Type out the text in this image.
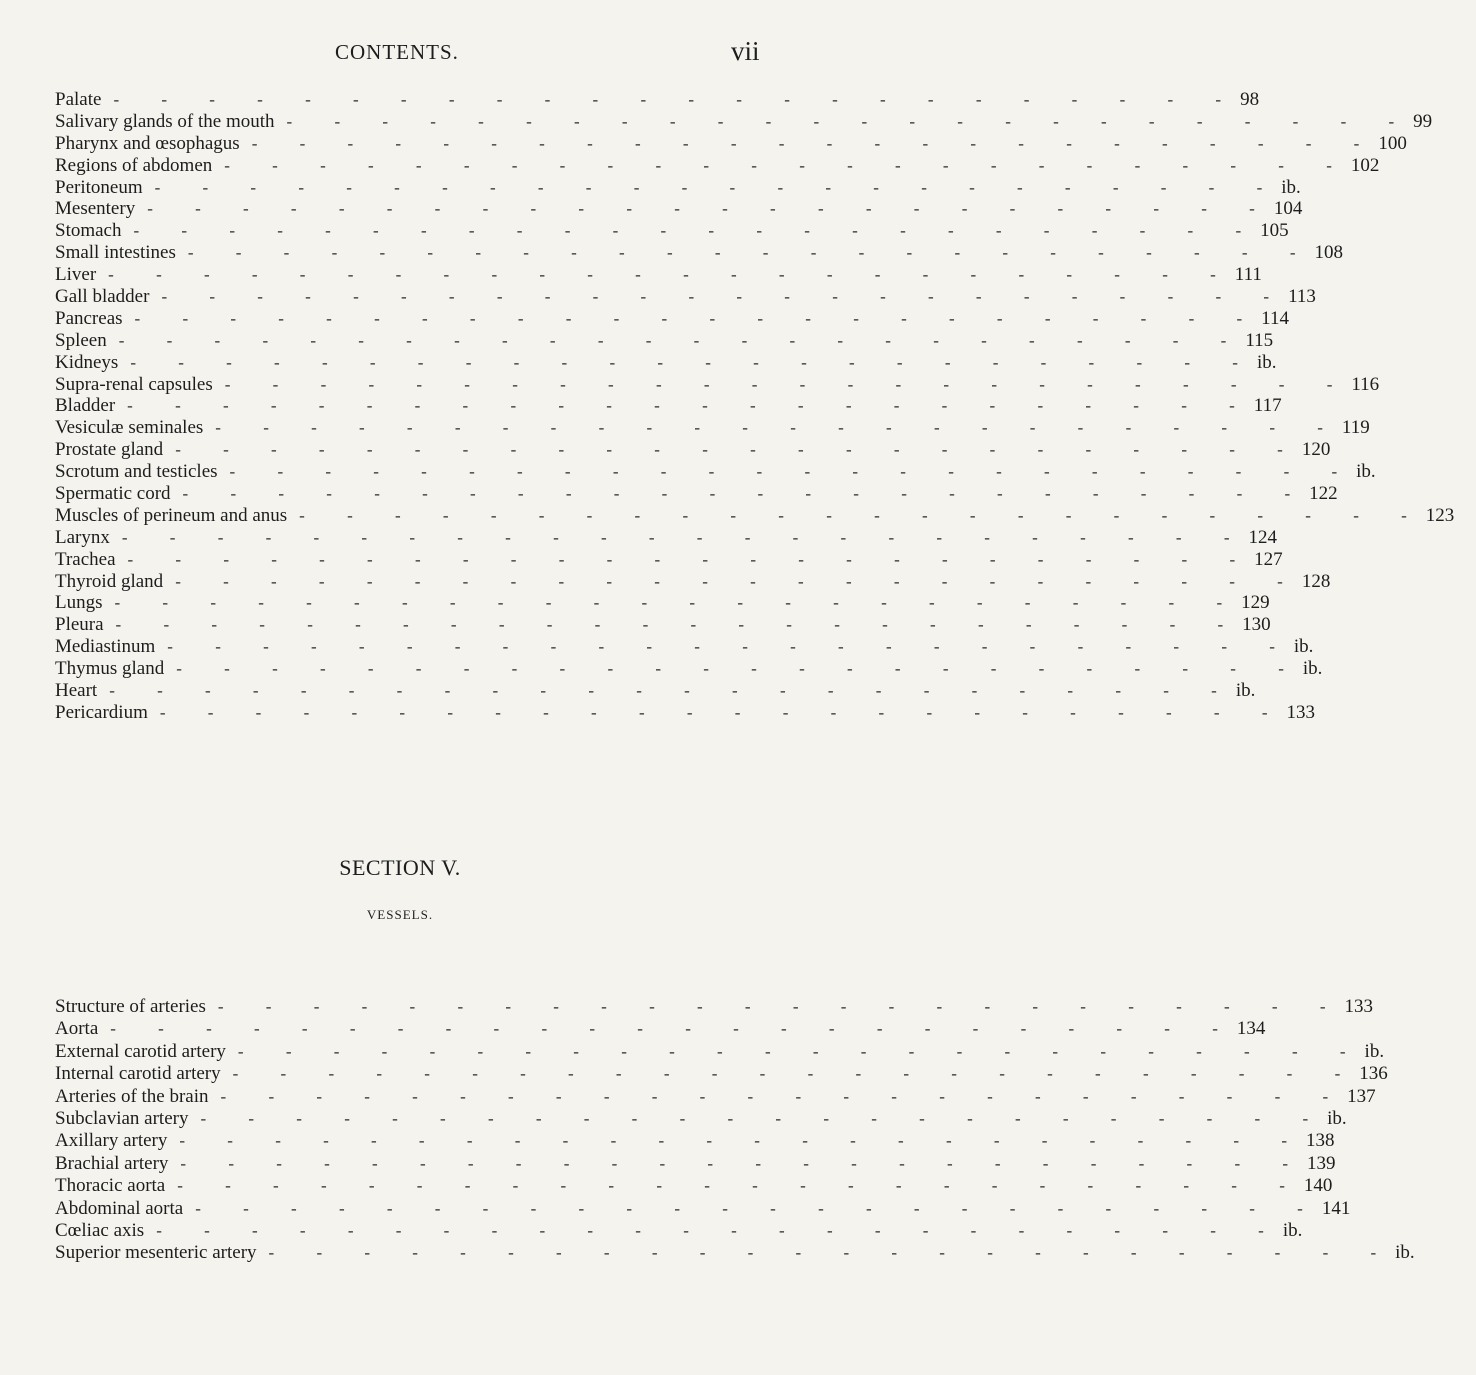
CONTENTS.	vii
Palate - - - - - - - - - - - - - - - - - - - - - - - - 98
Salivary glands of the mouth - - - - - - - - - - - - - - - - - - - - - - - - 99
Pharynx and œsophagus - - - - - - - - - - - - - - - - - - - - - - - - 100
Regions of abdomen - - - - - - - - - - - - - - - - - - - - - - - - 102
Peritoneum - - - - - - - - - - - - - - - - - - - - - - - - ib.
Mesentery - - - - - - - - - - - - - - - - - - - - - - - - 104
Stomach - - - - - - - - - - - - - - - - - - - - - - - - 105
Small intestines - - - - - - - - - - - - - - - - - - - - - - - - 108
Liver - - - - - - - - - - - - - - - - - - - - - - - - 111
Gall bladder - - - - - - - - - - - - - - - - - - - - - - - - 113
Pancreas - - - - - - - - - - - - - - - - - - - - - - - - 114
Spleen - - - - - - - - - - - - - - - - - - - - - - - - 115
Kidneys - - - - - - - - - - - - - - - - - - - - - - - - ib.
Supra-renal capsules - - - - - - - - - - - - - - - - - - - - - - - - 116
Bladder - - - - - - - - - - - - - - - - - - - - - - - - 117
Vesiculæ seminales - - - - - - - - - - - - - - - - - - - - - - - - 119
Prostate gland - - - - - - - - - - - - - - - - - - - - - - - - 120
Scrotum and testicles - - - - - - - - - - - - - - - - - - - - - - - - ib.
Spermatic cord - - - - - - - - - - - - - - - - - - - - - - - - 122
Muscles of perineum and anus - - - - - - - - - - - - - - - - - - - - - - - - 123
Larynx - - - - - - - - - - - - - - - - - - - - - - - - 124
Trachea - - - - - - - - - - - - - - - - - - - - - - - - 127
Thyroid gland - - - - - - - - - - - - - - - - - - - - - - - - 128
Lungs - - - - - - - - - - - - - - - - - - - - - - - - 129
Pleura - - - - - - - - - - - - - - - - - - - - - - - - 130
Mediastinum - - - - - - - - - - - - - - - - - - - - - - - - ib.
Thymus gland - - - - - - - - - - - - - - - - - - - - - - - - ib.
Heart - - - - - - - - - - - - - - - - - - - - - - - - ib.
Pericardium - - - - - - - - - - - - - - - - - - - - - - - - 133
SECTION V.
VESSELS.
Structure of arteries - - - - - - - - - - - - - - - - - - - - - - - - 133
Aorta - - - - - - - - - - - - - - - - - - - - - - - - 134
External carotid artery - - - - - - - - - - - - - - - - - - - - - - - - ib.
Internal carotid artery - - - - - - - - - - - - - - - - - - - - - - - - 136
Arteries of the brain - - - - - - - - - - - - - - - - - - - - - - - - 137
Subclavian artery - - - - - - - - - - - - - - - - - - - - - - - - ib.
Axillary artery - - - - - - - - - - - - - - - - - - - - - - - - 138
Brachial artery - - - - - - - - - - - - - - - - - - - - - - - - 139
Thoracic aorta - - - - - - - - - - - - - - - - - - - - - - - - 140
Abdominal aorta - - - - - - - - - - - - - - - - - - - - - - - - 141
Cœliac axis - - - - - - - - - - - - - - - - - - - - - - - - ib.
Superior mesenteric artery - - - - - - - - - - - - - - - - - - - - - - - - ib.
